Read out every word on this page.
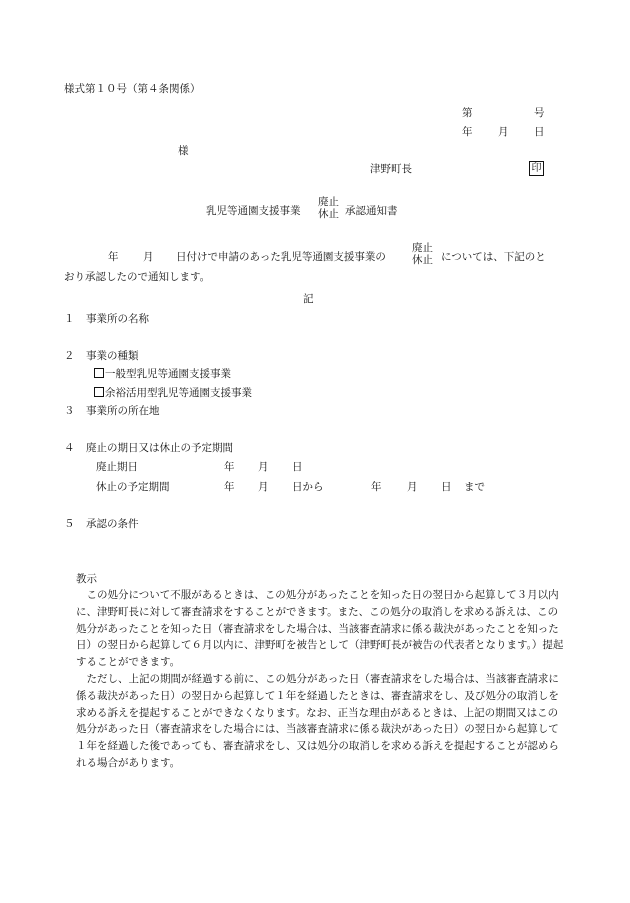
様式第１０号（第４条関係）
第	号
年 月 日
様
津野町長	印
乳児等通園支援事業
廃止
休止 承認通知書
年 月 日付けで申請のあった乳児等通園支援事業の
廃止
休止 については、下記のと
おり承認したので通知します。
記
１ 事業所の名称
２ 事業の種類
一般型乳児等通園支援事業
余裕活用型乳児等通園支援事業
３ 事業所の所在地
４ 廃止の期日又は休止の予定期間
廃止期日	年 月 日
休止の予定期間	年 月 日から	年 月 日 まで
５ 承認の条件
教示
　この処分について不服があるときは、この処分があったことを知った日の翌日から起算して３月以内
に、津野町長に対して審査請求をすることができます。また、この処分の取消しを求める訴えは、この
処分があったことを知った日（審査請求をした場合は、当該審査請求に係る裁決があったことを知った
日）の翌日から起算して６月以内に、津野町を被告として（津野町長が被告の代表者となります。）提起
することができます。
　ただし、上記の期間が経過する前に、この処分があった日（審査請求をした場合は、当該審査請求に
係る裁決があった日）の翌日から起算して１年を経過したときは、審査請求をし、及び処分の取消しを
求める訴えを提起することができなくなります。なお、正当な理由があるときは、上記の期間又はこの
処分があった日（審査請求をした場合には、当該審査請求に係る裁決があった日）の翌日から起算して
１年を経過した後であっても、審査請求をし、又は処分の取消しを求める訴えを提起することが認めら
れる場合があります。
